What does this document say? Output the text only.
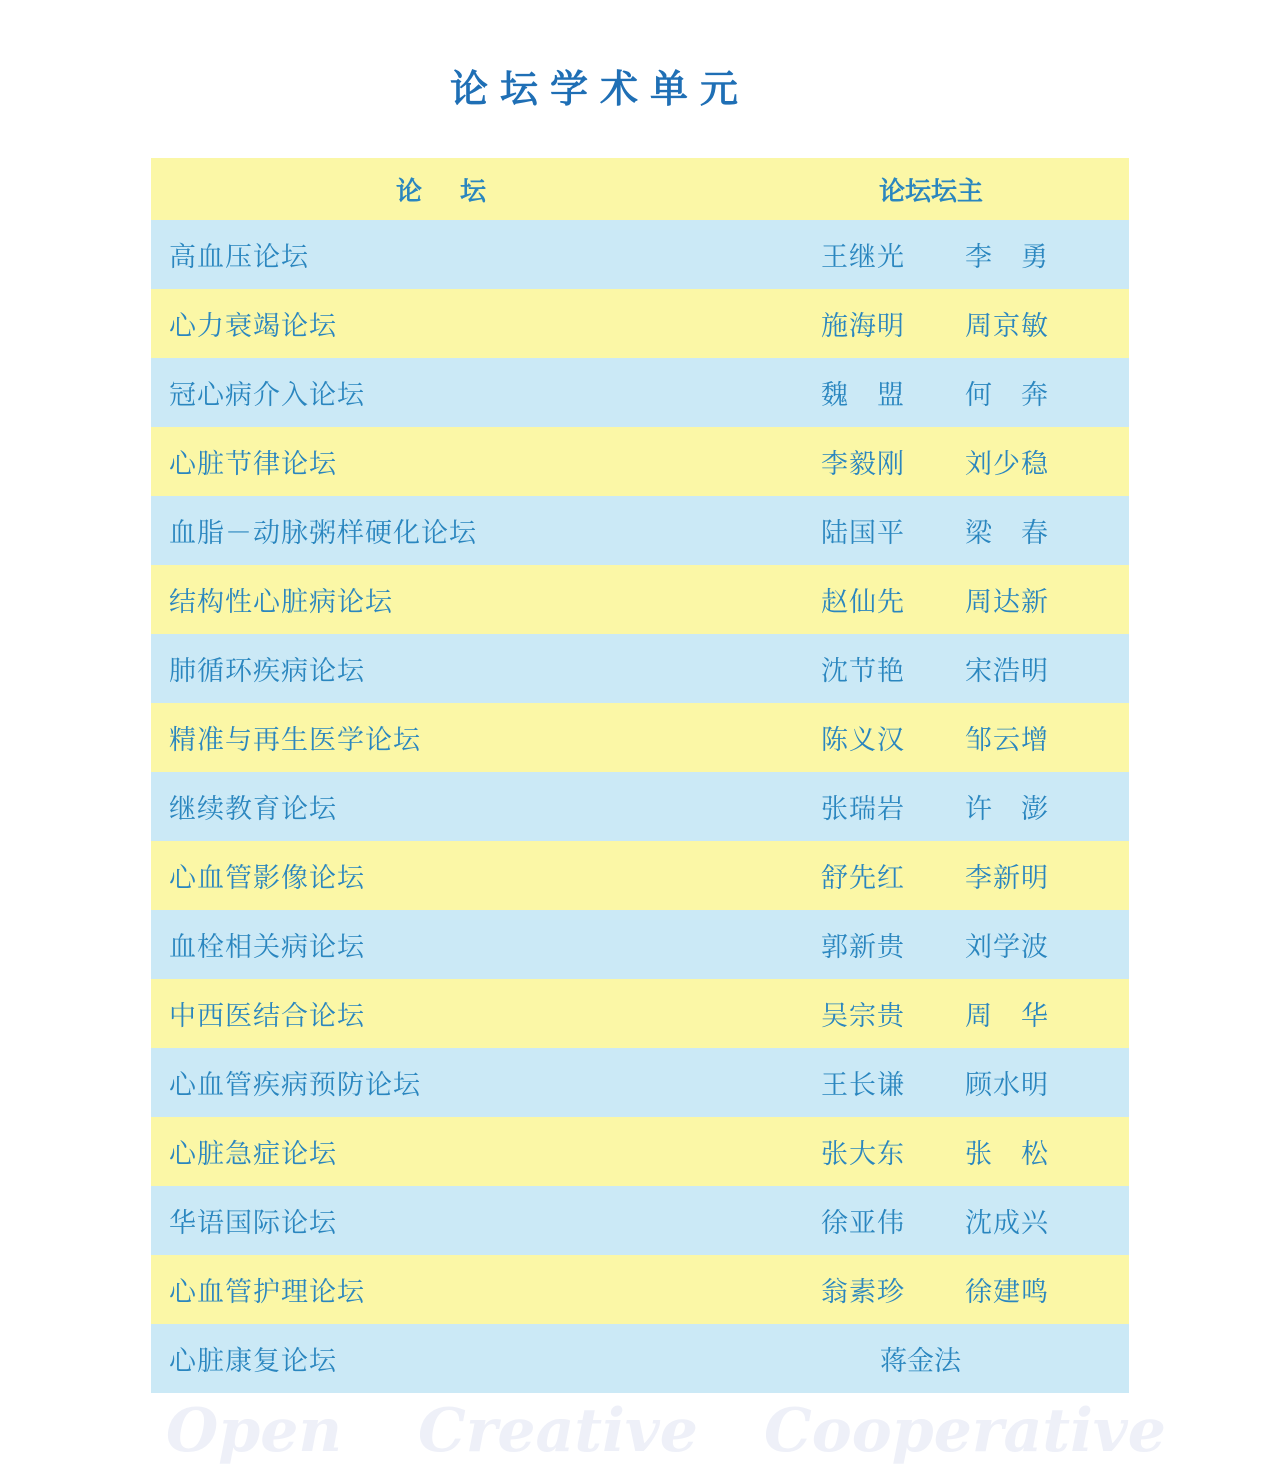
论坛学术单元
论 坛	论坛坛主
高血压论坛	王继光 李　勇
心力衰竭论坛	施海明 周京敏
冠心病介入论坛	魏　盟 何　奔
心脏节律论坛	李毅刚 刘少稳
血脂－动脉粥样硬化论坛	陆国平 梁　春
结构性心脏病论坛	赵仙先 周达新
肺循环疾病论坛	沈节艳 宋浩明
精准与再生医学论坛	陈义汉 邹云增
继续教育论坛	张瑞岩 许　澎
心血管影像论坛	舒先红 李新明
血栓相关病论坛	郭新贵 刘学波
中西医结合论坛	吴宗贵 周　华
心血管疾病预防论坛	王长谦 顾水明
心脏急症论坛	张大东 张　松
华语国际论坛	徐亚伟 沈成兴
心血管护理论坛	翁素珍 徐建鸣
心脏康复论坛	蒋金法
Open Creative Cooperative
